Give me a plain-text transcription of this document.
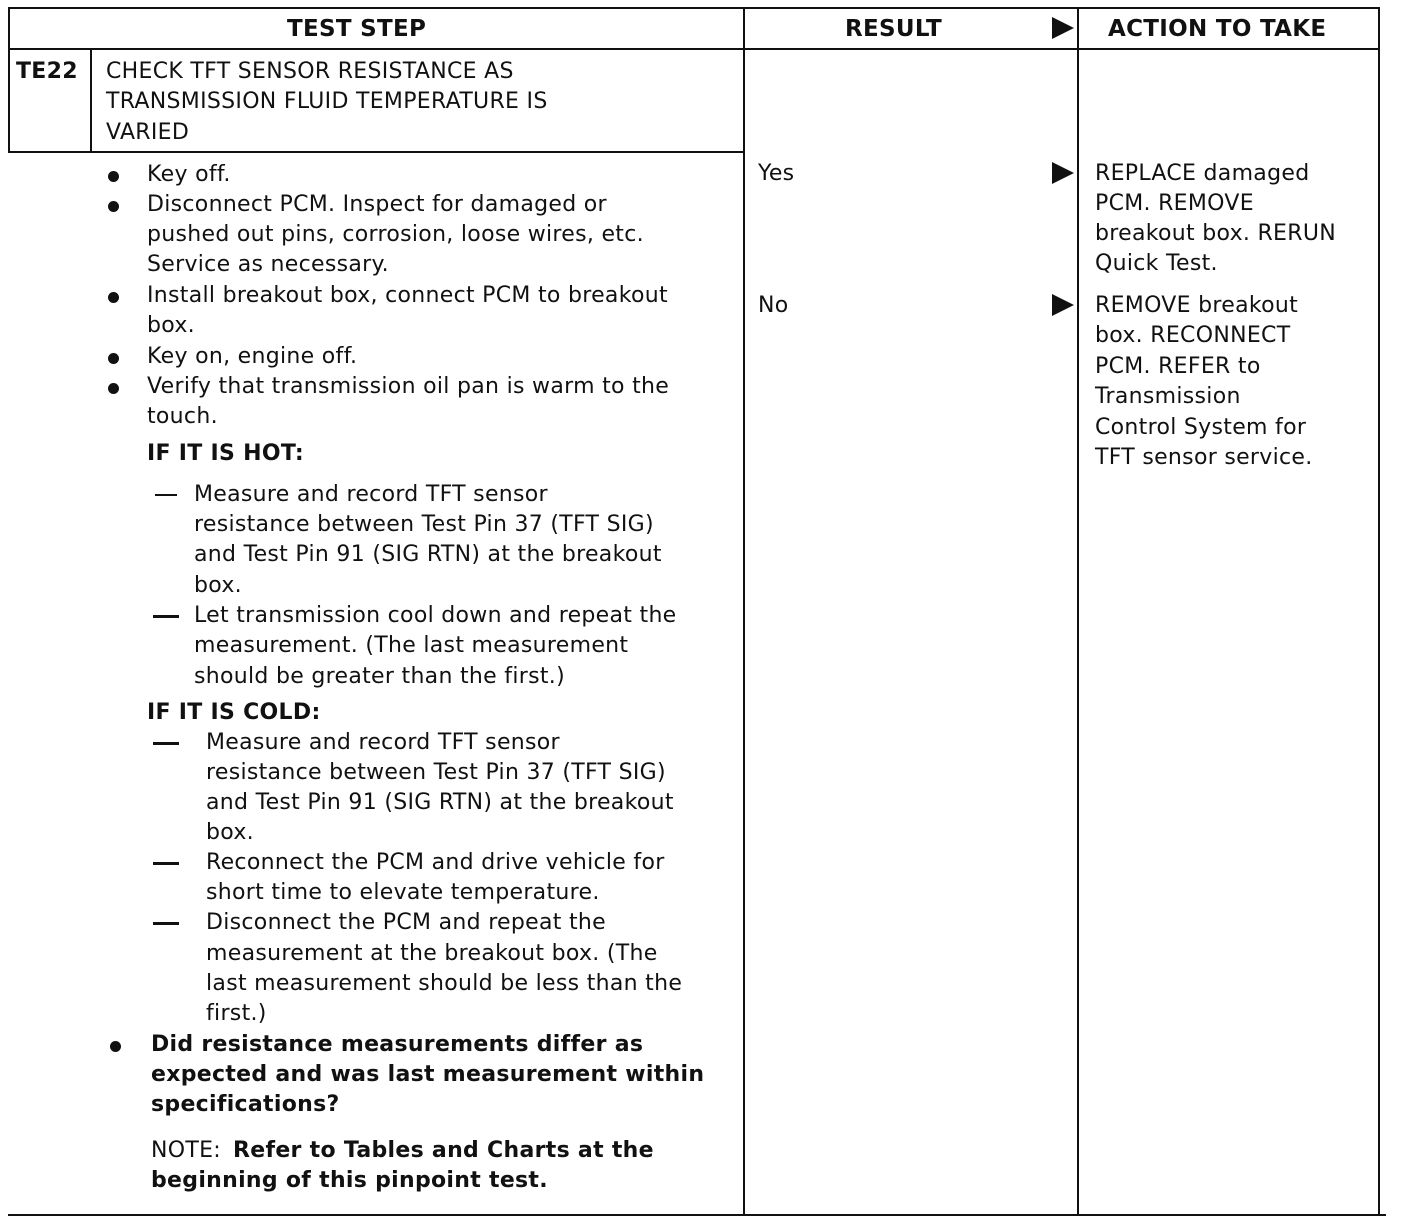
TEST STEP	RESULT	ACTION TO TAKE
TE22 CHECK TFT SENSOR RESISTANCE AS
TRANSMISSION FLUID TEMPERATURE IS
VARIED
Key off.
Disconnect PCM. Inspect for damaged or
pushed out pins, corrosion, loose wires, etc.
Service as necessary.
Install breakout box, connect PCM to breakout
box.
Key on, engine off.
Verify that transmission oil pan is warm to the
touch.
IF IT IS HOT:
Measure and record TFT sensor
resistance between Test Pin 37 (TFT SIG)
and Test Pin 91 (SIG RTN) at the breakout
box.
Let transmission cool down and repeat the
measurement. (The last measurement
should be greater than the first.)
IF IT IS COLD:
Measure and record TFT sensor
resistance between Test Pin 37 (TFT SIG)
and Test Pin 91 (SIG RTN) at the breakout
box.
Reconnect the PCM and drive vehicle for
short time to elevate temperature.
Disconnect the PCM and repeat the
measurement at the breakout box. (The
last measurement should be less than the
first.)
Did resistance measurements differ as
expected and was last measurement within
specifications?
NOTE: Refer to Tables and Charts at the
beginning of this pinpoint test.
Yes	REPLACE damaged
PCM. REMOVE
breakout box. RERUN
Quick Test.
No	REMOVE breakout
box. RECONNECT
PCM. REFER to
Transmission
Control System for
TFT sensor service.
